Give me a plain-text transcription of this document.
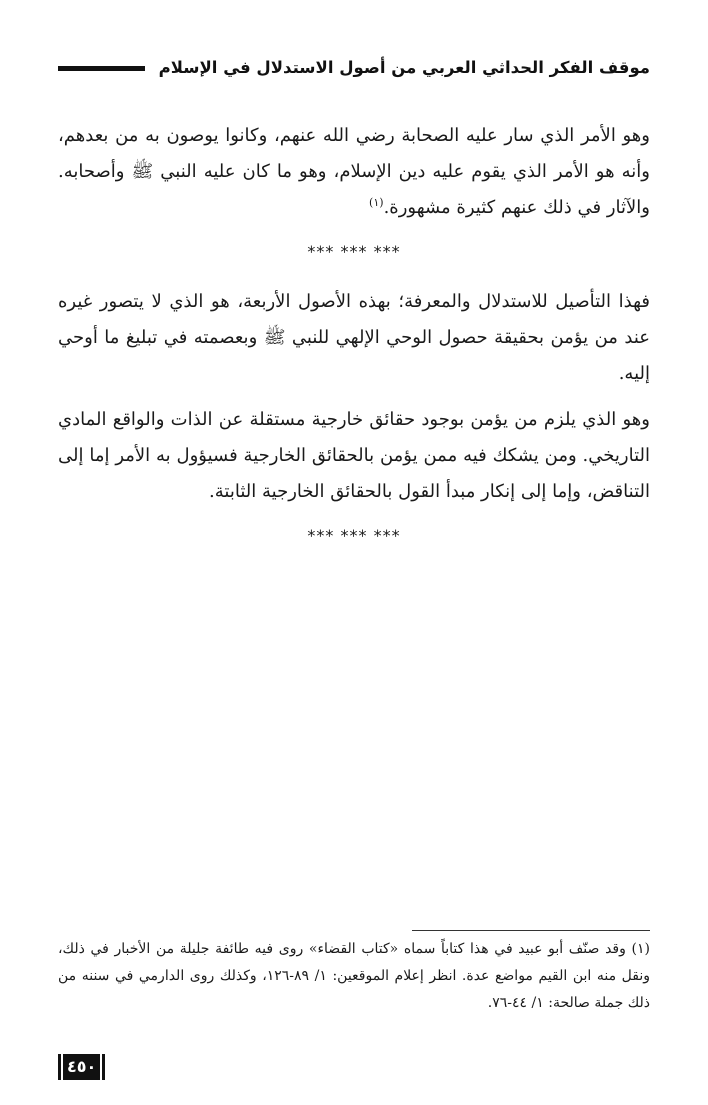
موقف الفكر الحداثي العربي من أصول الاستدلال في الإسلام

وهو الأمر الذي سار عليه الصحابة رضي الله عنهم، وكانوا يوصون به من بعدهم، وأنه هو الأمر الذي يقوم عليه دين الإسلام، وهو ما كان عليه النبي ﷺ وأصحابه. والآثار في ذلك عنهم كثيرة مشهورة.$^{(١)}$

*** *** ***

فهذا التأصيل للاستدلال والمعرفة؛ بهذه الأصول الأربعة، هو الذي لا يتصور غيره عند من يؤمن بحقيقة حصول الوحي الإلهي للنبي ﷺ وبعصمته في تبليغ ما أوحي إليه.

وهو الذي يلزم من يؤمن بوجود حقائق خارجية مستقلة عن الذات والواقع المادي التاريخي. ومن يشكك فيه ممن يؤمن بالحقائق الخارجية فسيؤول به الأمر إما إلى التناقض، وإما إلى إنكار مبدأ القول بالحقائق الخارجية الثابتة.

*** *** ***

(١) وقد صنّف أبو عبيد في هذا كتاباً سماه «كتاب القضاء» روى فيه طائفة جليلة من الأخبار في ذلك، ونقل منه ابن القيم مواضع عدة. انظر إعلام الموقعين: ١/ ٨٩-١٢٦، وكذلك روى الدارمي في سننه من ذلك جملة صالحة: ١/ ٤٤-٧٦.

٤٥٠
